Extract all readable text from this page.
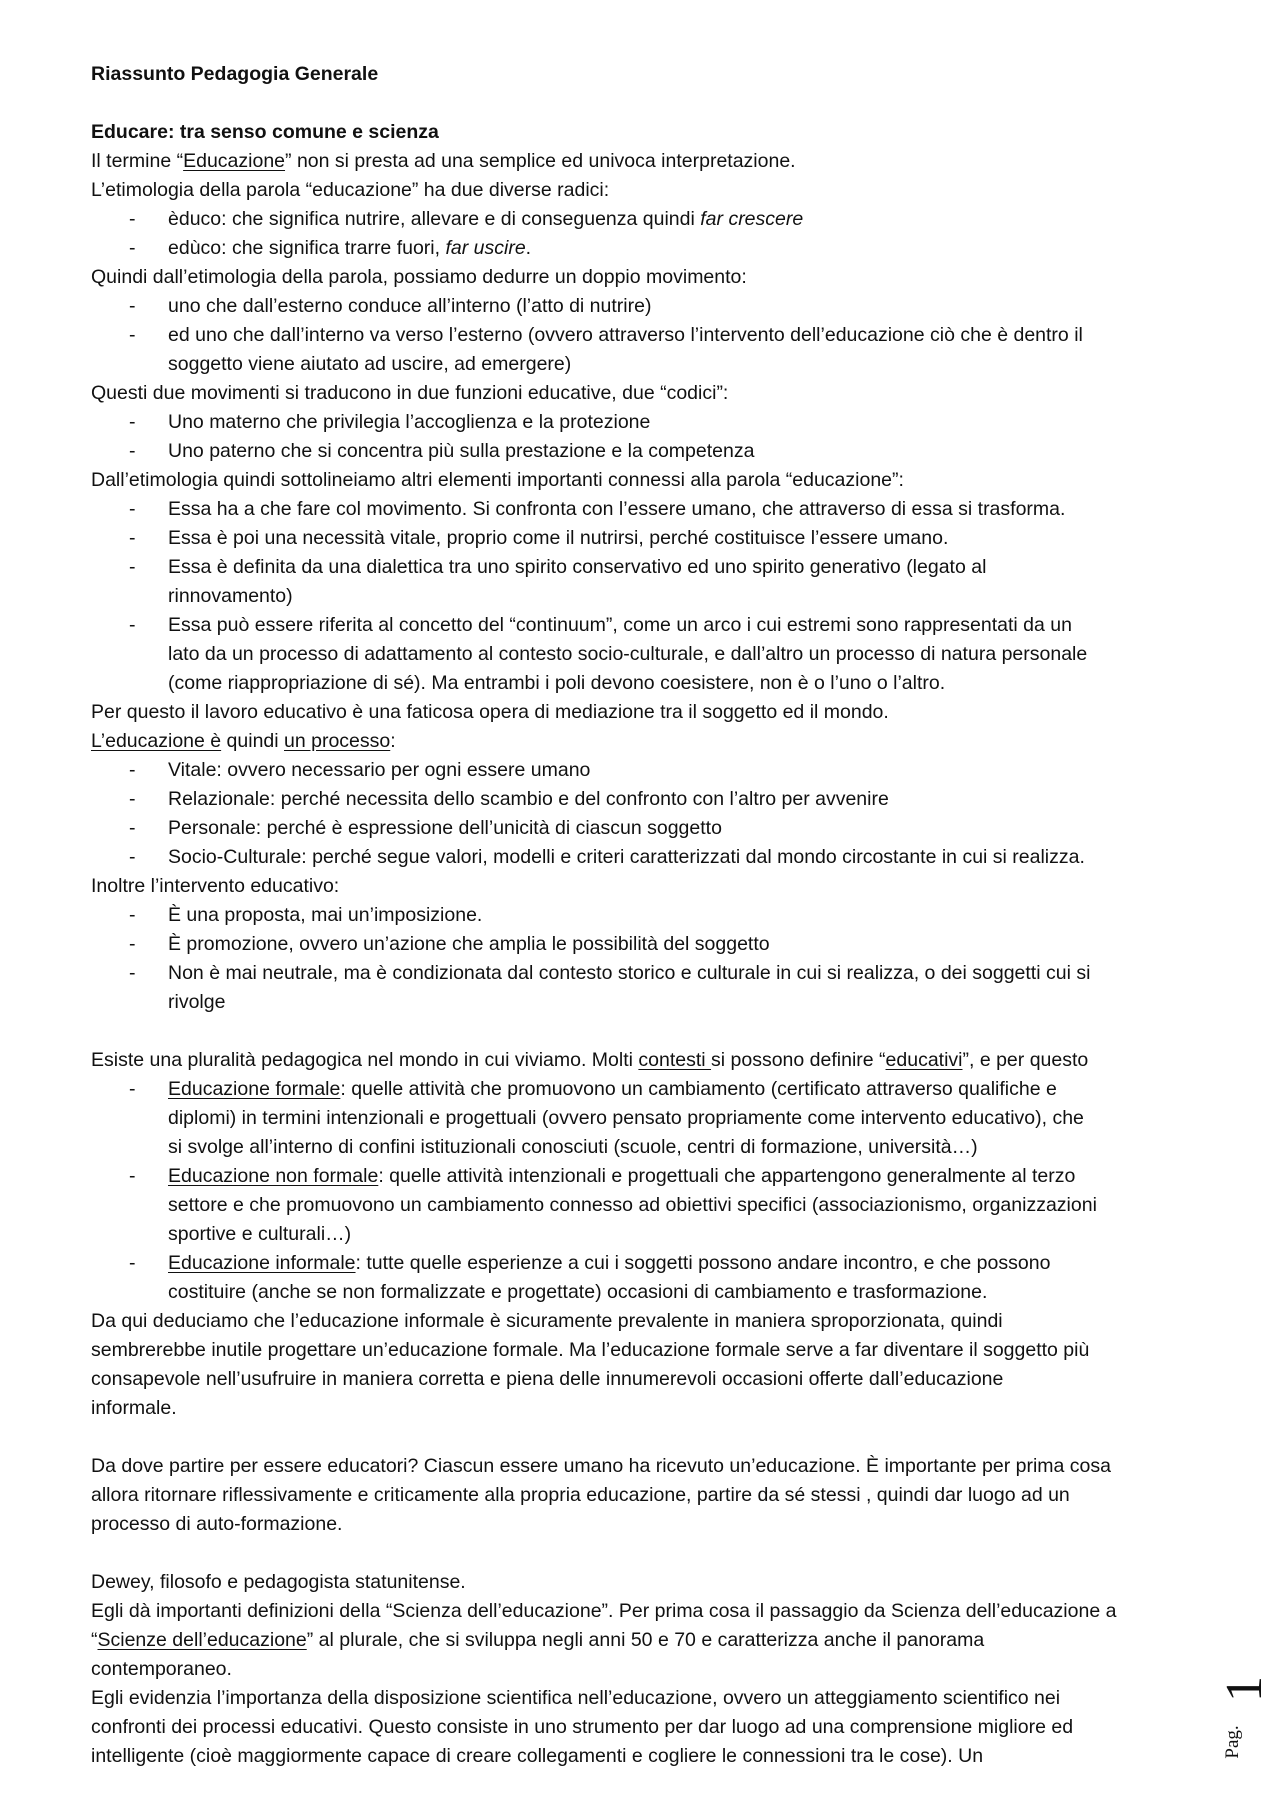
Riassunto Pedagogia Generale
Educare: tra senso comune e scienza
Il termine “Educazione” non si presta ad una semplice ed univoca interpretazione.
L’etimologia della parola “educazione” ha due diverse radici:
- èduco: che significa nutrire, allevare e di conseguenza quindi far crescere
- edùco: che significa trarre fuori, far uscire.
Quindi dall’etimologia della parola, possiamo dedurre un doppio movimento:
- uno che dall’esterno conduce all’interno (l’atto di nutrire)
- ed uno che dall’interno va verso l’esterno (ovvero attraverso l’intervento dell’educazione ciò che è dentro il
soggetto viene aiutato ad uscire, ad emergere)
Questi due movimenti si traducono in due funzioni educative, due “codici”:
- Uno materno che privilegia l’accoglienza e la protezione
- Uno paterno che si concentra più sulla prestazione e la competenza
Dall’etimologia quindi sottolineiamo altri elementi importanti connessi alla parola “educazione”:
- Essa ha a che fare col movimento. Si confronta con l’essere umano, che attraverso di essa si trasforma.
- Essa è poi una necessità vitale, proprio come il nutrirsi, perché costituisce l’essere umano.
- Essa è definita da una dialettica tra uno spirito conservativo ed uno spirito generativo (legato al
rinnovamento)
- Essa può essere riferita al concetto del “continuum”, come un arco i cui estremi sono rappresentati da un
lato da un processo di adattamento al contesto socio-culturale, e dall’altro un processo di natura personale
(come riappropriazione di sé). Ma entrambi i poli devono coesistere, non è o l’uno o l’altro.
Per questo il lavoro educativo è una faticosa opera di mediazione tra il soggetto ed il mondo.
L’educazione è quindi un processo:
- Vitale: ovvero necessario per ogni essere umano
- Relazionale: perché necessita dello scambio e del confronto con l’altro per avvenire
- Personale: perché è espressione dell’unicità di ciascun soggetto
- Socio-Culturale: perché segue valori, modelli e criteri caratterizzati dal mondo circostante in cui si realizza.
Inoltre l’intervento educativo:
- È una proposta, mai un’imposizione.
- È promozione, ovvero un’azione che amplia le possibilità del soggetto
- Non è mai neutrale, ma è condizionata dal contesto storico e culturale in cui si realizza, o dei soggetti cui si
rivolge
Esiste una pluralità pedagogica nel mondo in cui viviamo. Molti contesti si possono definire “educativi”, e per questo
- Educazione formale: quelle attività che promuovono un cambiamento (certificato attraverso qualifiche e
diplomi) in termini intenzionali e progettuali (ovvero pensato propriamente come intervento educativo), che
si svolge all’interno di confini istituzionali conosciuti (scuole, centri di formazione, università…)
- Educazione non formale: quelle attività intenzionali e progettuali che appartengono generalmente al terzo
settore e che promuovono un cambiamento connesso ad obiettivi specifici (associazionismo, organizzazioni
sportive e culturali…)
- Educazione informale: tutte quelle esperienze a cui i soggetti possono andare incontro, e che possono
costituire (anche se non formalizzate e progettate) occasioni di cambiamento e trasformazione.
Da qui deduciamo che l’educazione informale è sicuramente prevalente in maniera sproporzionata, quindi
sembrerebbe inutile progettare un’educazione formale. Ma l’educazione formale serve a far diventare il soggetto più
consapevole nell’usufruire in maniera corretta e piena delle innumerevoli occasioni offerte dall’educazione
informale.
Da dove partire per essere educatori? Ciascun essere umano ha ricevuto un’educazione. È importante per prima cosa
allora ritornare riflessivamente e criticamente alla propria educazione, partire da sé stessi , quindi dar luogo ad un
processo di auto-formazione.
Dewey, filosofo e pedagogista statunitense.
Egli dà importanti definizioni della “Scienza dell’educazione”. Per prima cosa il passaggio da Scienza dell’educazione a
“Scienze dell’educazione” al plurale, che si sviluppa negli anni 50 e 70 e caratterizza anche il panorama
contemporaneo.
Egli evidenzia l’importanza della disposizione scientifica nell’educazione, ovvero un atteggiamento scientifico nei
confronti dei processi educativi. Questo consiste in uno strumento per dar luogo ad una comprensione migliore ed
intelligente (cioè maggiormente capace di creare collegamenti e cogliere le connessioni tra le cose). Un
1
Pag.
